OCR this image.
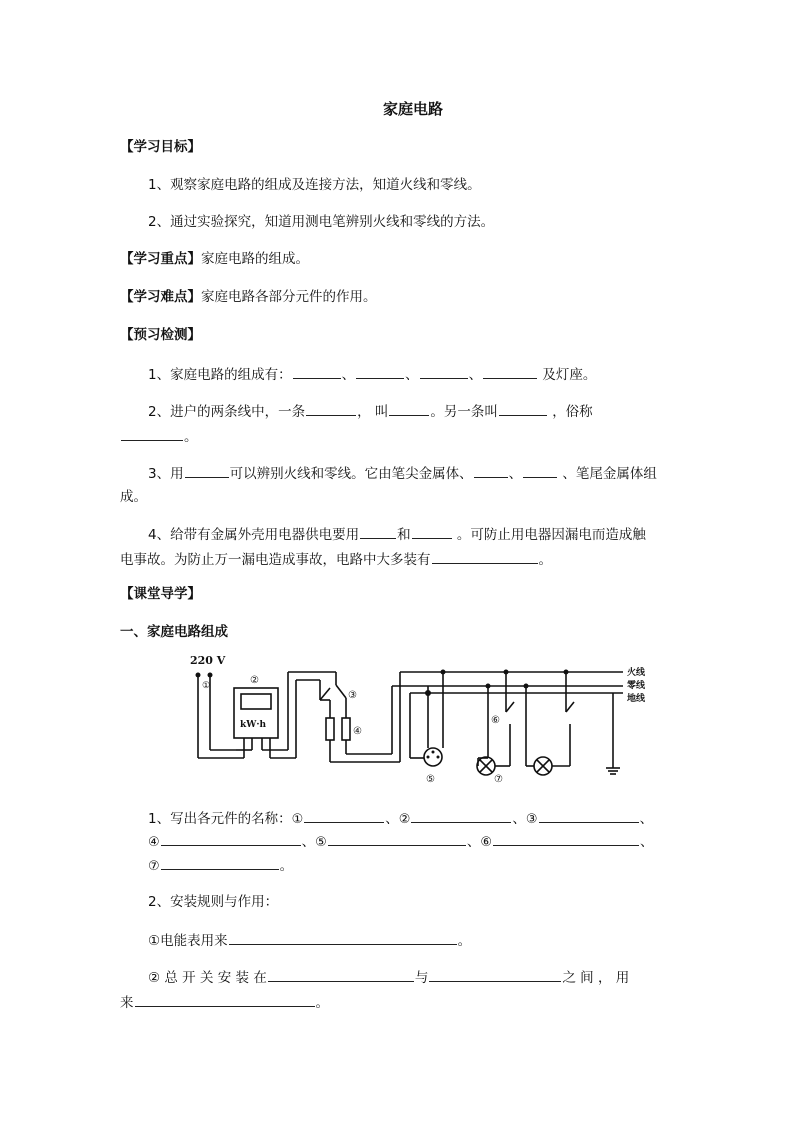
家庭电路
【学习目标】
1、观察家庭电路的组成及连接方法，知道火线和零线。
2、通过实验探究，知道用测电笔辨别火线和零线的方法。
【学习重点】家庭电路的组成。
【学习难点】家庭电路各部分元件的作用。
【预习检测】
1、家庭电路的组成有：	、	、	、	及灯座。
2、进户的两条线中，一条	， 叫	。另一条叫	，俗称
。
3、用	可以辨别火线和零线。它由笔尖金属体、	、	、笔尾金属体组
成。
4、给带有金属外壳用电器供电要用	和	。可防止用电器因漏电而造成触
电事故。为防止万一漏电造成事故，电路中大多装有	。
【课堂导学】
一、家庭电路组成
220 V
①	②
kW·h
③
④
⑤
⑥
⑦
火线
零线
地线
1、写出各元件的名称：①	、②	、③	、
④	、⑤	、⑥	、
⑦	。
2、安装规则与作用：
①电能表用来	。
② 总 开 关 安 装 在	与	之 间 ， 用
来	。
